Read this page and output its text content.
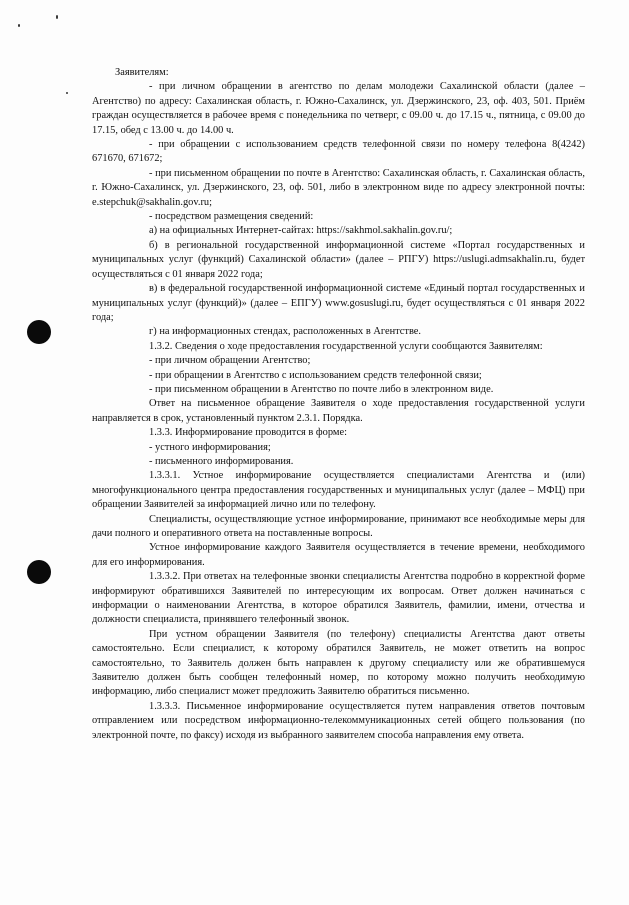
Заявителям:

- при личном обращении в агентство по делам молодежи Сахалинской области (далее – Агентство) по адресу: Сахалинская область, г. Южно-Сахалинск, ул. Дзержинского, 23, оф. 403, 501. Приём граждан осуществляется в рабочее время с понедельника по четверг, с 09.00 ч. до 17.15 ч., пятница, с 09.00 до 17.15, обед с 13.00 ч. до 14.00 ч.

- при обращении с использованием средств телефонной связи по номеру телефона 8(4242) 671670, 671672;

- при письменном обращении по почте в Агентство: Сахалинская область, г. Сахалинская область, г. Южно-Сахалинск, ул. Дзержинского, 23, оф. 501, либо в электронном виде по адресу электронной почты: e.stepchuk@sakhalin.gov.ru;

- посредством размещения сведений:

а) на официальных Интернет-сайтах: https://sakhmol.sakhalin.gov.ru/;

б) в региональной государственной информационной системе «Портал государственных и муниципальных услуг (функций) Сахалинской области» (далее – РПГУ) https://uslugi.admsakhalin.ru, будет осуществляться с 01 января 2022 года;

в) в федеральной государственной информационной системе «Единый портал государственных и муниципальных услуг (функций)» (далее – ЕПГУ) www.gosuslugi.ru, будет осуществляться с 01 января 2022 года;

г) на информационных стендах, расположенных в Агентстве.

1.3.2. Сведения о ходе предоставления государственной услуги сообщаются Заявителям:

- при личном обращении Агентство;

- при обращении в Агентство с использованием средств телефонной связи;

- при письменном обращении в Агентство по почте либо в электронном виде.

Ответ на письменное обращение Заявителя о ходе предоставления государственной услуги направляется в срок, установленный пунктом 2.3.1. Порядка.

1.3.3. Информирование проводится в форме:

- устного информирования;

- письменного информирования.

1.3.3.1. Устное информирование осуществляется специалистами Агентства и (или) многофункционального центра предоставления государственных и муниципальных услуг (далее – МФЦ) при обращении Заявителей за информацией лично или по телефону.

Специалисты, осуществляющие устное информирование, принимают все необходимые меры для дачи полного и оперативного ответа на поставленные вопросы.

Устное информирование каждого Заявителя осуществляется в течение времени, необходимого для его информирования.

1.3.3.2. При ответах на телефонные звонки специалисты Агентства подробно в корректной форме информируют обратившихся Заявителей по интересующим их вопросам. Ответ должен начинаться с информации о наименовании Агентства, в которое обратился Заявитель, фамилии, имени, отчества и должности специалиста, принявшего телефонный звонок.

При устном обращении Заявителя (по телефону) специалисты Агентства дают ответы самостоятельно. Если специалист, к которому обратился Заявитель, не может ответить на вопрос самостоятельно, то Заявитель должен быть направлен к другому специалисту или же обратившемуся Заявителю должен быть сообщен телефонный номер, по которому можно получить необходимую информацию, либо специалист может предложить Заявителю обратиться письменно.

1.3.3.3. Письменное информирование осуществляется путем направления ответов почтовым отправлением или посредством информационно-телекоммуникационных сетей общего пользования (по электронной почте, по факсу) исходя из выбранного заявителем способа направления ему ответа.
